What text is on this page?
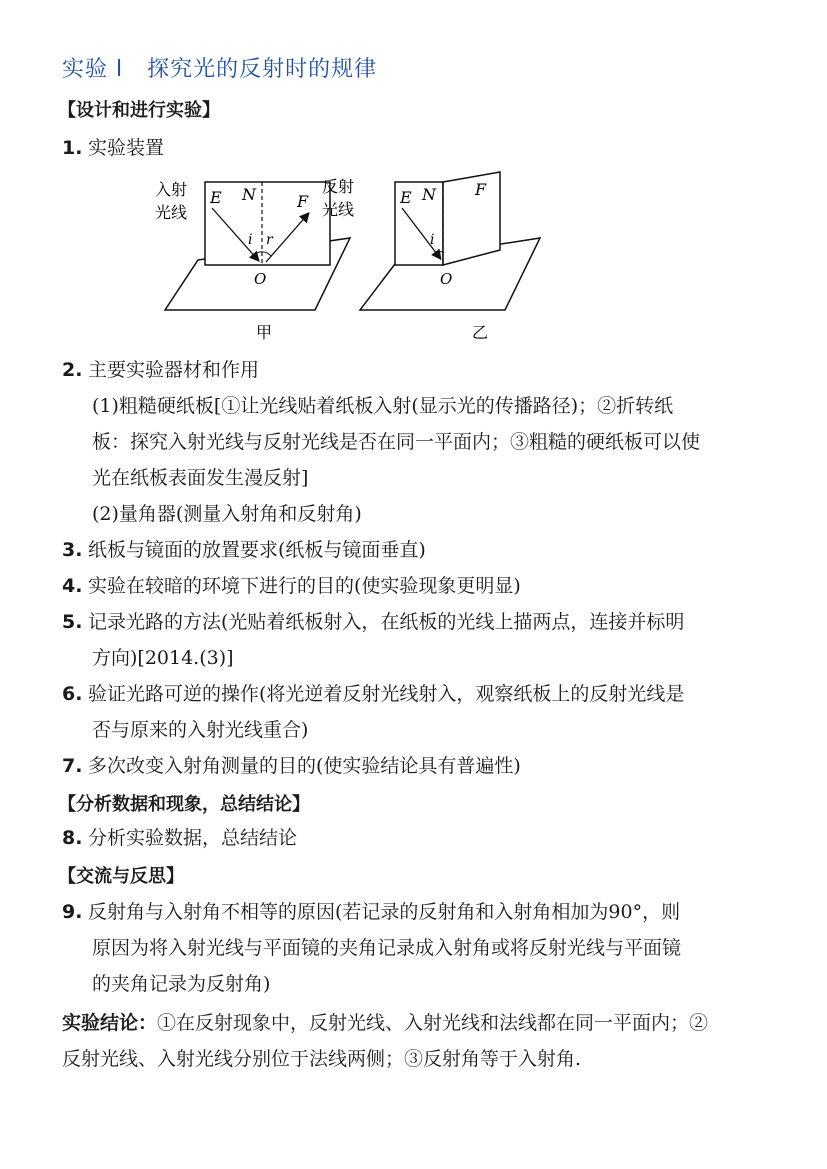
实验 l 探究光的反射时的规律
【设计和进行实验】
1. 实验装置
入射
光线
反射
光线
E N	F
i r
O
甲
E N F
i
O
乙
2. 主要实验器材和作用
(1)粗糙硬纸板[①让光线贴着纸板入射(显示光的传播路径)；②折转纸
板：探究入射光线与反射光线是否在同一平面内；③粗糙的硬纸板可以使
光在纸板表面发生漫反射]
(2)量角器(测量入射角和反射角)
3. 纸板与镜面的放置要求(纸板与镜面垂直)
4. 实验在较暗的环境下进行的目的(使实验现象更明显)
5. 记录光路的方法(光贴着纸板射入，在纸板的光线上描两点，连接并标明
方向)[2014.(3)]
6. 验证光路可逆的操作(将光逆着反射光线射入，观察纸板上的反射光线是
否与原来的入射光线重合)
7. 多次改变入射角测量的目的(使实验结论具有普遍性)
【分析数据和现象，总结结论】
8. 分析实验数据，总结结论
【交流与反思】
9. 反射角与入射角不相等的原因(若记录的反射角和入射角相加为90°，则
原因为将入射光线与平面镜的夹角记录成入射角或将反射光线与平面镜
的夹角记录为反射角)
实验结论：①在反射现象中，反射光线、入射光线和法线都在同一平面内；②
反射光线、入射光线分别位于法线两侧；③反射角等于入射角.
